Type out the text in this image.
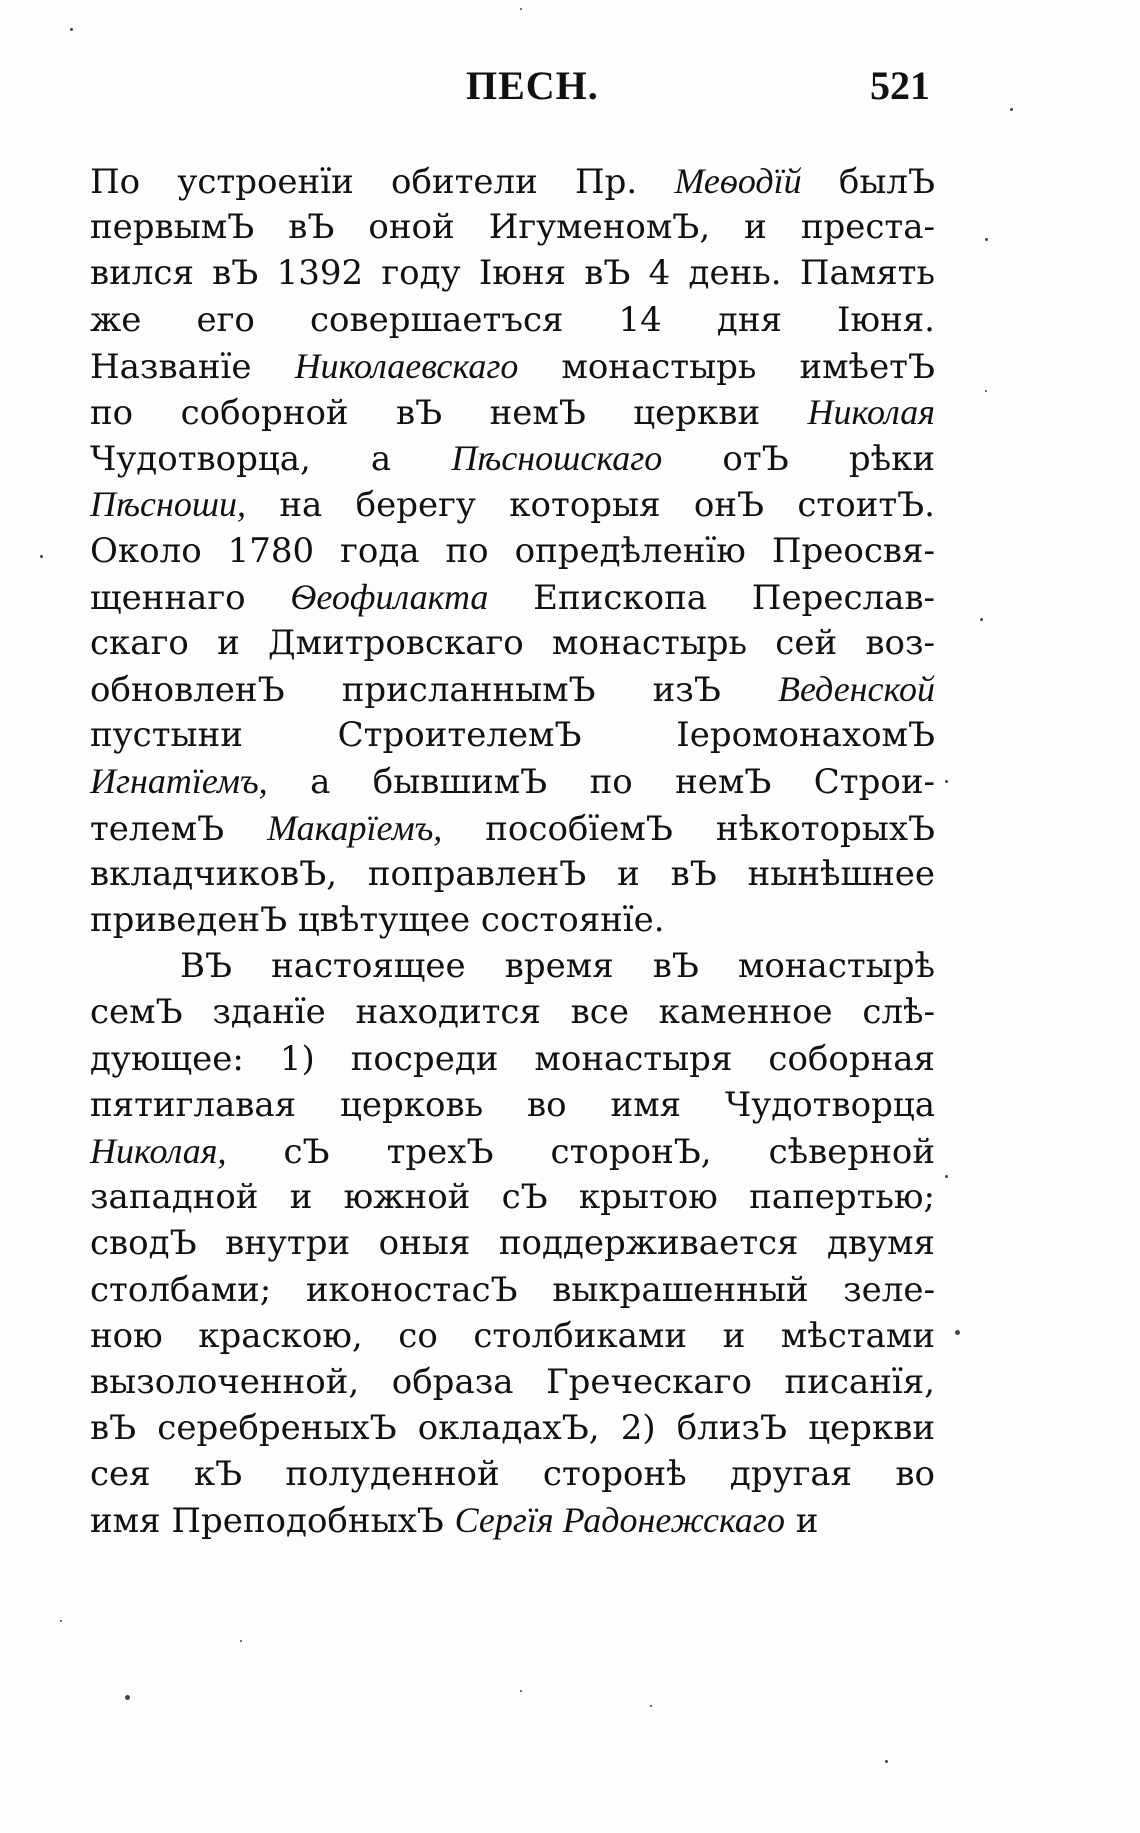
ПЕСН.	521
По устроенїи обители Пр. Меѳодїй былЪ
первымЪ вЪ оной ИгуменомЪ, и преста-
вился вЪ 1392 году Іюня вЪ 4 день. Память
же его совершаетъся 14 дня Іюня.
Названїе Николаевскаго монастырь имѣетЪ
по соборной вЪ немЪ церкви Николая
Чудотворца, а Пѣсношскаго отЪ рѣки
Пѣсноши, на берегу которыя онЪ стоитЪ.
Около 1780 года по опредѣленїю Преосвя-
щеннаго Ѳеофилакта Епископа Переслав-
скаго и Дмитровскаго монастырь сей воз-
обновленЪ присланнымЪ изЪ Веденской
пустыни СтроителемЪ ІеромонахомЪ
Игнатїемъ, а бывшимЪ по немЪ Строи-
телемЪ Макарїемъ, пособїемЪ нѣкоторыхЪ
вкладчиковЪ, поправленЪ и вЪ нынѣшнее
приведенЪ цвѣтущее состоянїе.
ВЪ настоящее время вЪ монастырѣ
семЪ зданїе находится все каменное слѣ-
дующее: 1) посреди монастыря соборная
пятиглавая церковь во имя Чудотворца
Николая, сЪ трехЪ сторонЪ, сѣверной
западной и южной сЪ крытою папертью;
сводЪ внутри оныя поддерживается двумя
столбами; иконостасЪ выкрашенный зеле-
ною краскою, со столбиками и мѣстами
вызолоченной, образа Греческаго писанїя,
вЪ серебреныхЪ окладахЪ, 2) близЪ церкви
сея кЪ полуденной сторонѣ другая во
имя ПреподобныхЪ Сергїя Радонежскаго и
